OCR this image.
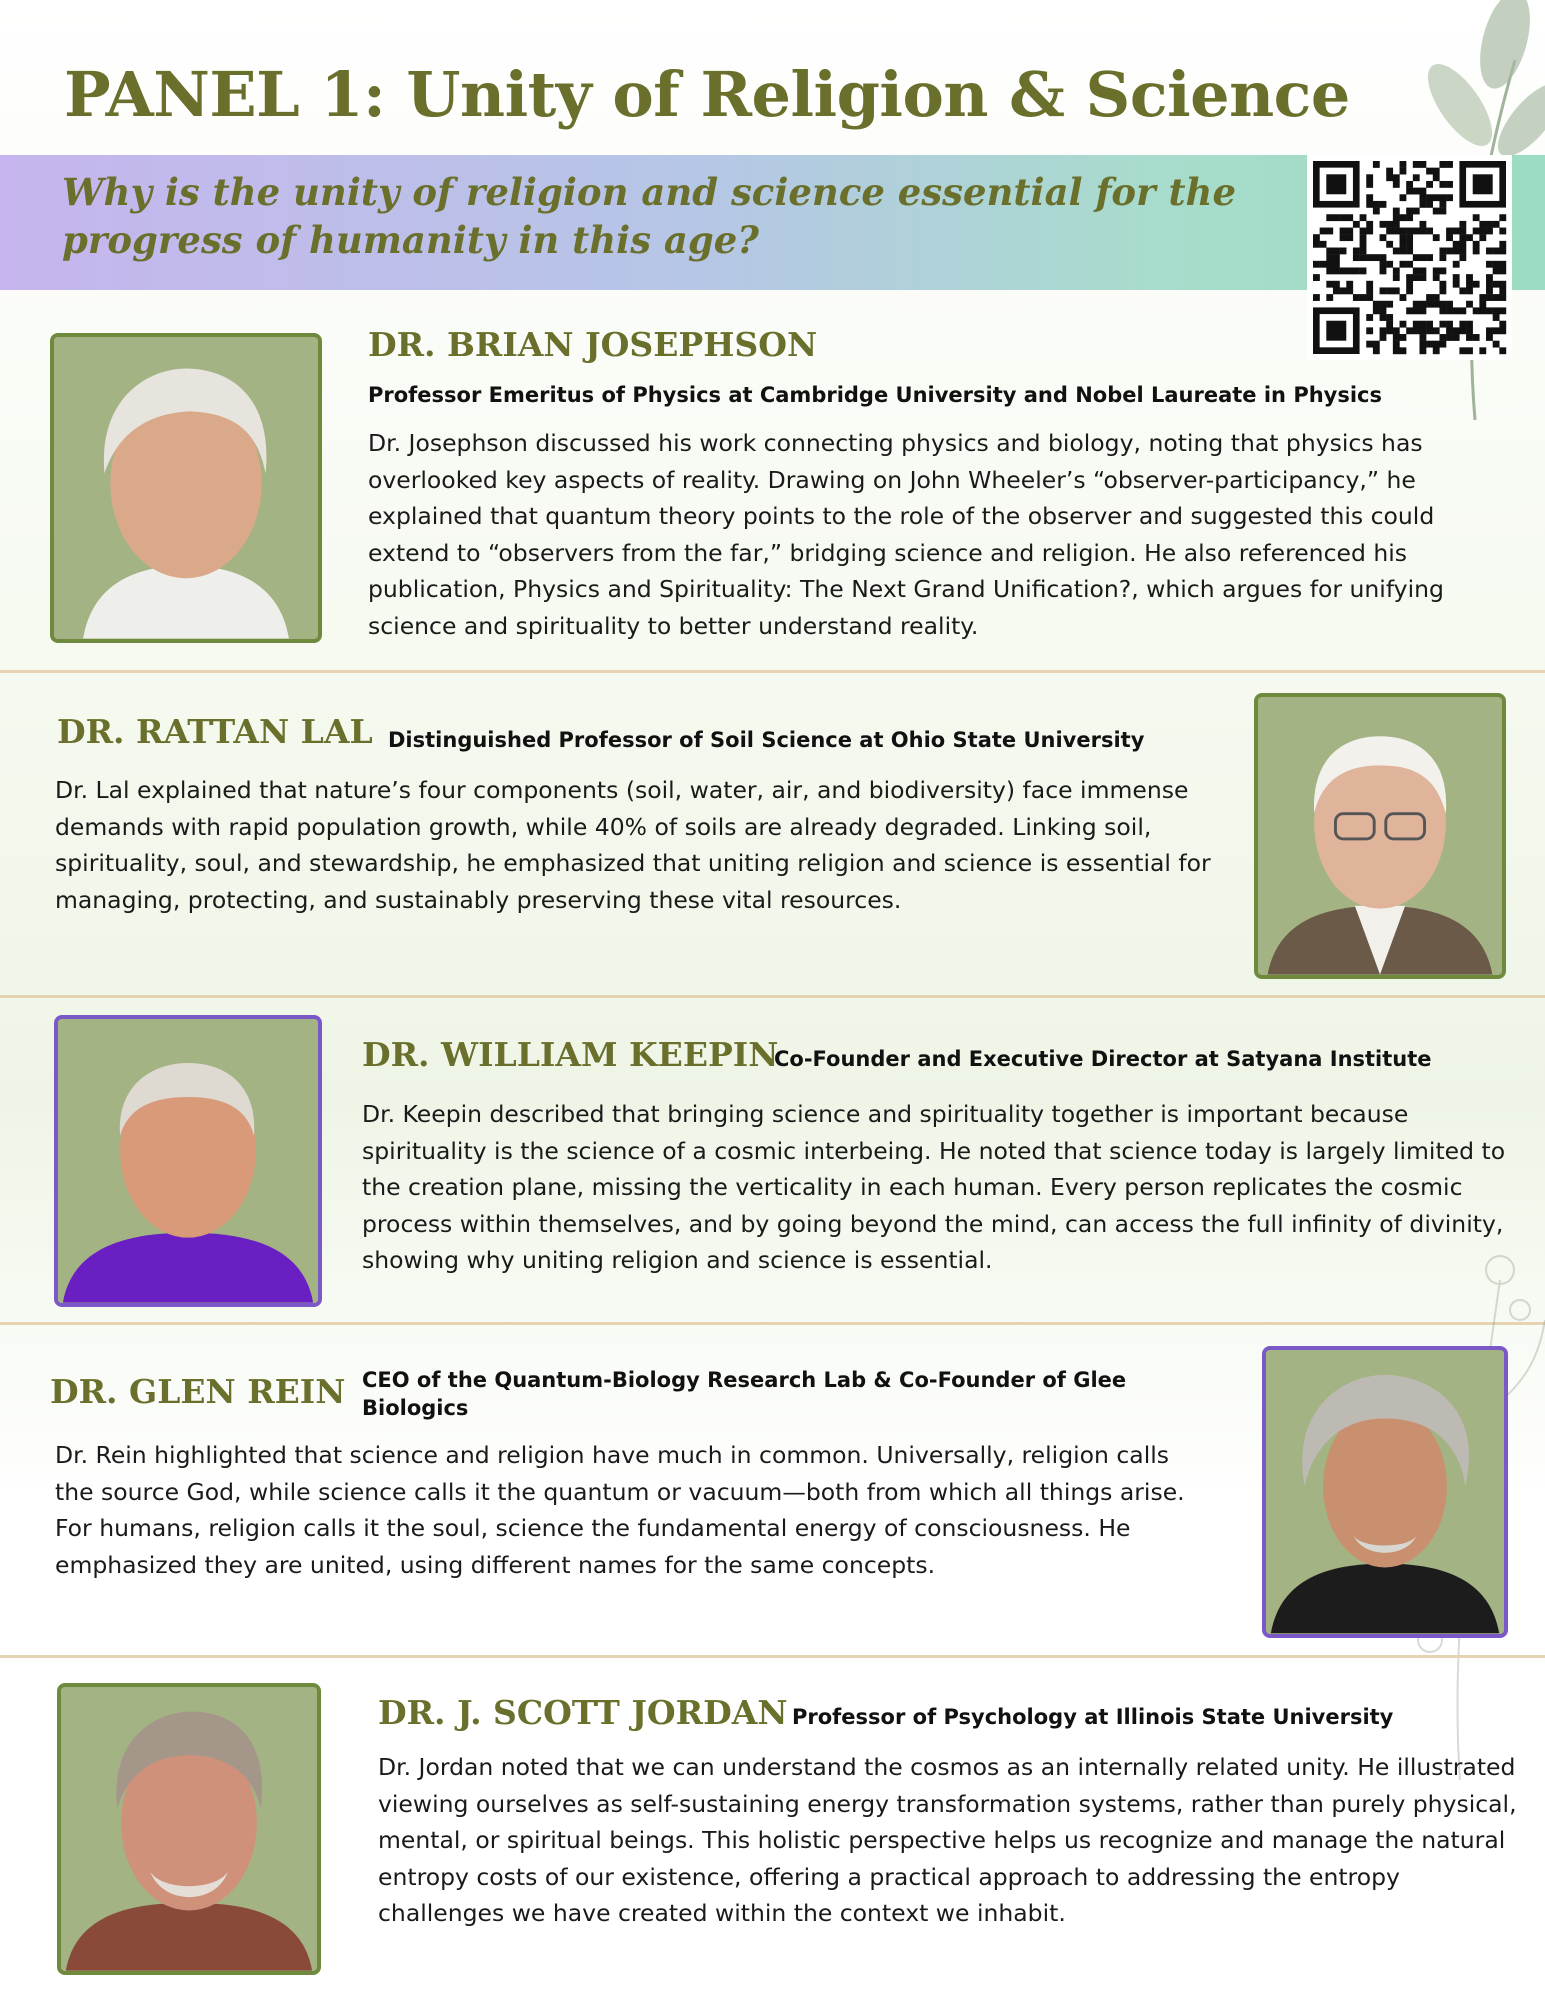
PANEL 1: Unity of Religion & Science

Why is the unity of religion and science essential for the progress of humanity in this age?

DR. BRIAN JOSEPHSON

Professor Emeritus of Physics at Cambridge University and Nobel Laureate in Physics

Dr. Josephson discussed his work connecting physics and biology, noting that physics has overlooked key aspects of reality. Drawing on John Wheeler’s “observer-participancy,” he explained that quantum theory points to the role of the observer and suggested this could extend to “observers from the far,” bridging science and religion. He also referenced his publication, Physics and Spirituality: The Next Grand Unification?, which argues for unifying science and spirituality to better understand reality.

DR. RATTAN LAL Distinguished Professor of Soil Science at Ohio State University

Dr. Lal explained that nature’s four components (soil, water, air, and biodiversity) face immense demands with rapid population growth, while 40% of soils are already degraded. Linking soil, spirituality, soul, and stewardship, he emphasized that uniting religion and science is essential for managing, protecting, and sustainably preserving these vital resources.

DR. WILLIAM KEEPIN

Co-Founder and Executive Director at Satyana Institute

Dr. Keepin described that bringing science and spirituality together is important because spirituality is the science of a cosmic interbeing. He noted that science today is largely limited to the creation plane, missing the verticality in each human. Every person replicates the cosmic process within themselves, and by going beyond the mind, can access the full infinity of divinity, showing why uniting religion and science is essential.

DR. GLEN REIN CEO of the Quantum-Biology Research Lab & Co-Founder of Glee Biologics

Dr. Rein highlighted that science and religion have much in common. Universally, religion calls the source God, while science calls it the quantum or vacuum—both from which all things arise. For humans, religion calls it the soul, science the fundamental energy of consciousness. He emphasized they are united, using different names for the same concepts.

DR. J. SCOTT JORDAN Professor of Psychology at Illinois State University

Dr. Jordan noted that we can understand the cosmos as an internally related unity. He illustrated viewing ourselves as self-sustaining energy transformation systems, rather than purely physical, mental, or spiritual beings. This holistic perspective helps us recognize and manage the natural entropy costs of our existence, offering a practical approach to addressing the entropy challenges we have created within the context we inhabit.
